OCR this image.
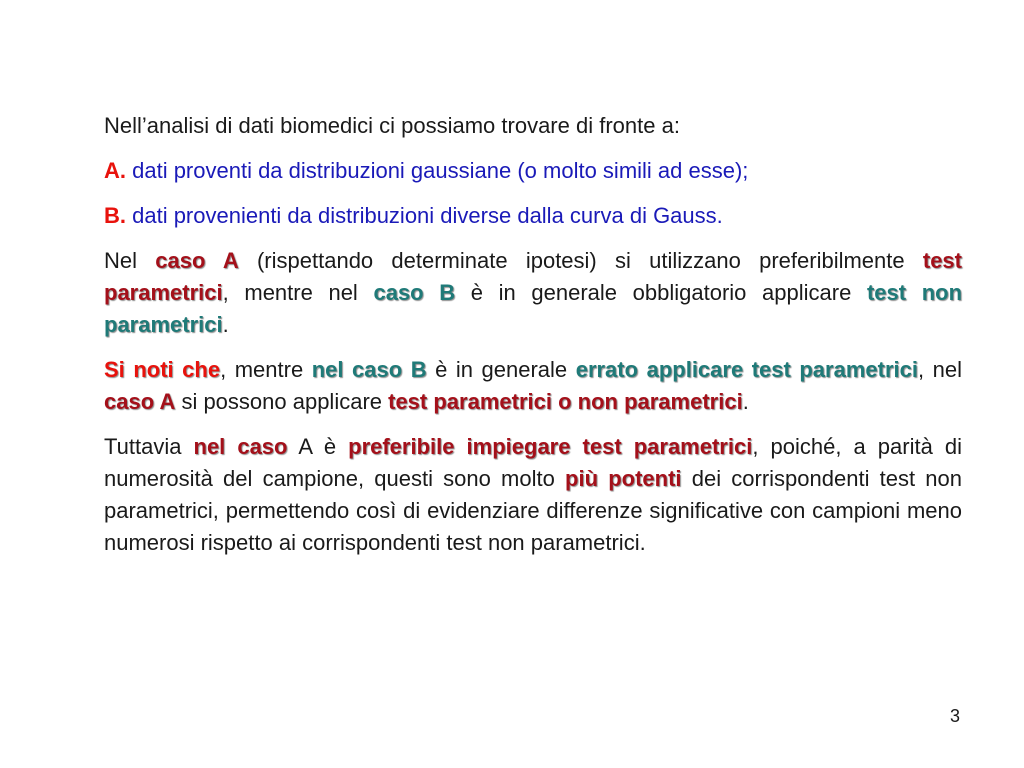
Nell’analisi di dati biomedici ci possiamo trovare di fronte a:

A. dati proventi da distribuzioni gaussiane (o molto simili ad esse);

B. dati provenienti da distribuzioni diverse dalla curva di Gauss.

Nel caso A (rispettando determinate ipotesi) si utilizzano preferibilmente test parametrici, mentre nel caso B è in generale obbligatorio applicare test non parametrici.

Si noti che, mentre nel caso B è in generale errato applicare test parametrici, nel caso A si possono applicare test parametrici o non parametrici.

Tuttavia nel caso A è preferibile impiegare test parametrici, poiché, a parità di numerosità del campione, questi sono molto più potenti dei corrispondenti test non parametrici, permettendo così di evidenziare differenze significative con campioni meno numerosi rispetto ai corrispondenti test non parametrici.

3
